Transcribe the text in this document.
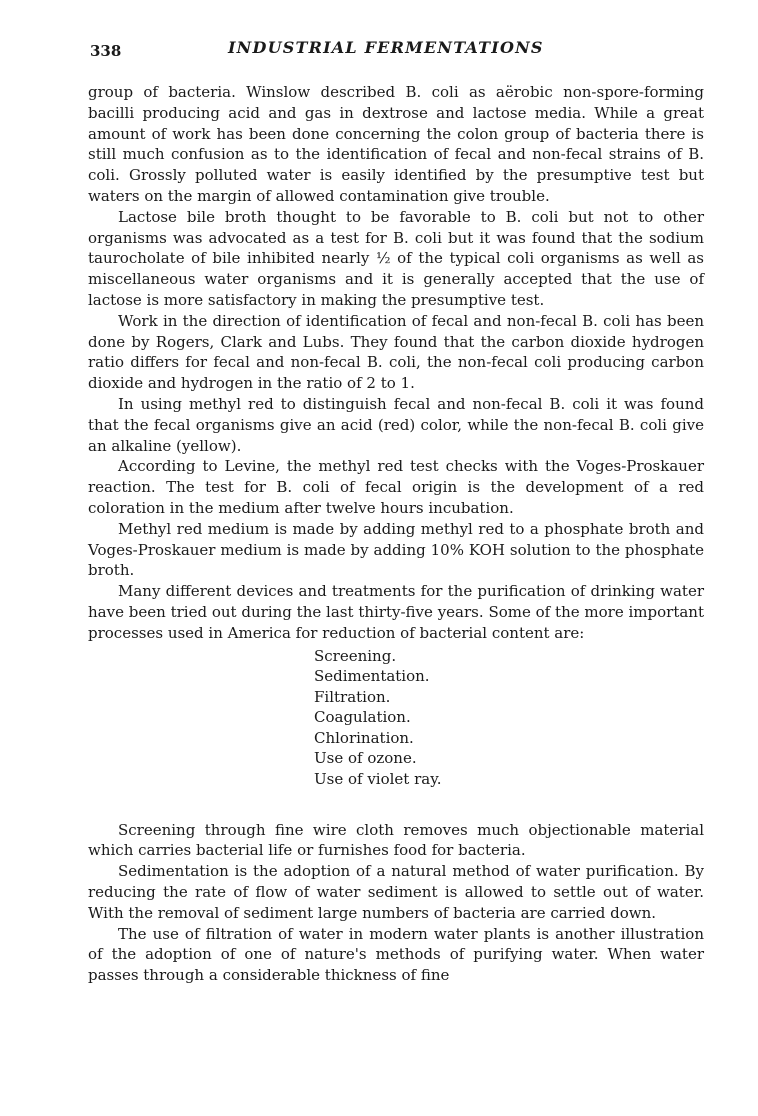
338	INDUSTRIAL FERMENTATIONS

group of bacteria. Winslow described B. coli as aërobic non-spore-forming bacilli producing acid and gas in dextrose and lactose media. While a great amount of work has been done concerning the colon group of bacteria there is still much confusion as to the identification of fecal and non-fecal strains of B. coli. Grossly polluted water is easily identified by the presumptive test but waters on the margin of allowed contamination give trouble.

Lactose bile broth thought to be favorable to B. coli but not to other organisms was advocated as a test for B. coli but it was found that the sodium taurocholate of bile inhibited nearly ½ of the typical coli organisms as well as miscellaneous water organisms and it is generally accepted that the use of lactose is more satisfactory in making the presumptive test.

Work in the direction of identification of fecal and non-fecal B. coli has been done by Rogers, Clark and Lubs. They found that the carbon dioxide hydrogen ratio differs for fecal and non-fecal B. coli, the non-fecal coli producing carbon dioxide and hydrogen in the ratio of 2 to 1.

In using methyl red to distinguish fecal and non-fecal B. coli it was found that the fecal organisms give an acid (red) color, while the non-fecal B. coli give an alkaline (yellow).

According to Levine, the methyl red test checks with the Voges-Proskauer reaction. The test for B. coli of fecal origin is the development of a red coloration in the medium after twelve hours incubation.

Methyl red medium is made by adding methyl red to a phosphate broth and Voges-Proskauer medium is made by adding 10% KOH solution to the phosphate broth.

Many different devices and treatments for the purification of drinking water have been tried out during the last thirty-five years. Some of the more important processes used in America for reduction of bacterial content are:

Screening.
Sedimentation.
Filtration.
Coagulation.
Chlorination.
Use of ozone.
Use of violet ray.

Screening through fine wire cloth removes much objectionable material which carries bacterial life or furnishes food for bacteria.

Sedimentation is the adoption of a natural method of water purification. By reducing the rate of flow of water sediment is allowed to settle out of water. With the removal of sediment large numbers of bacteria are carried down.

The use of filtration of water in modern water plants is another illustration of the adoption of one of nature's methods of purifying water. When water passes through a considerable thickness of fine
